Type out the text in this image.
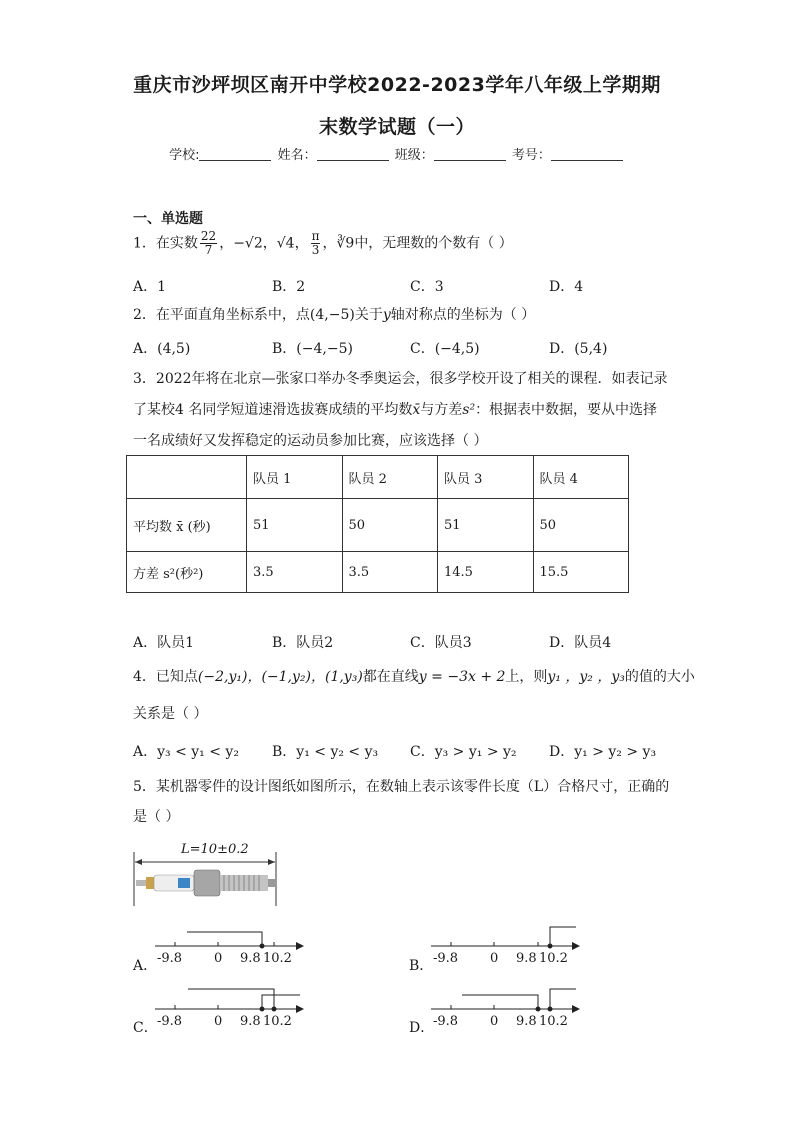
重庆市沙坪坝区南开中学校2022-2023学年八年级上学期期
末数学试题（一）
学校:	姓名：	班级：	考号：
一、单选题
1．在实数 $\frac{22}{7}$ ，−√2，√4， $\frac{\pi}{3}$ ，∛9中，无理数的个数有（ ）
A．1	B．2	C．3	D．4
2．在平面直角坐标系中，点(4,−5)关于y轴对称点的坐标为（ ）
A．(4,5)	B．(−4,−5)	C．(−4,5)	D．(5,4)
3．2022年将在北京—张家口举办冬季奥运会，很多学校开设了相关的课程．如表记录
了某校4 名同学短道速滑选拔赛成绩的平均数x̄与方差s²：根据表中数据，要从中选择
一名成绩好又发挥稳定的运动员参加比赛，应该选择（ ）
	队员 1	队员 2	队员 3	队员 4
平均数 x̄ (秒)	51	50	51	50
方差 s²(秒²)	3.5	3.5	14.5	15.5
A．队员1	B．队员2	C．队员3	D．队员4
4．已知点(−2,y₁)，(−1,y₂)，(1,y₃)都在直线y = −3x + 2上，则y₁ ，y₂ ，y₃的值的大小
关系是（ ）
A．y₃ < y₁ < y₂ B．y₁ < y₂ < y₃ C．y₃ > y₁ > y₂ D．y₁ > y₂ > y₃
5．某机器零件的设计图纸如图所示，在数轴上表示该零件长度（L）合格尺寸，正确的
是（ ）
L=10±0.2
A．	B．
C．	D．
-9.8 0 9.8 10.2	-9.8 0 9.8 10.2
-9.8 0 9.8 10.2	-9.8 0 9.8 10.2
